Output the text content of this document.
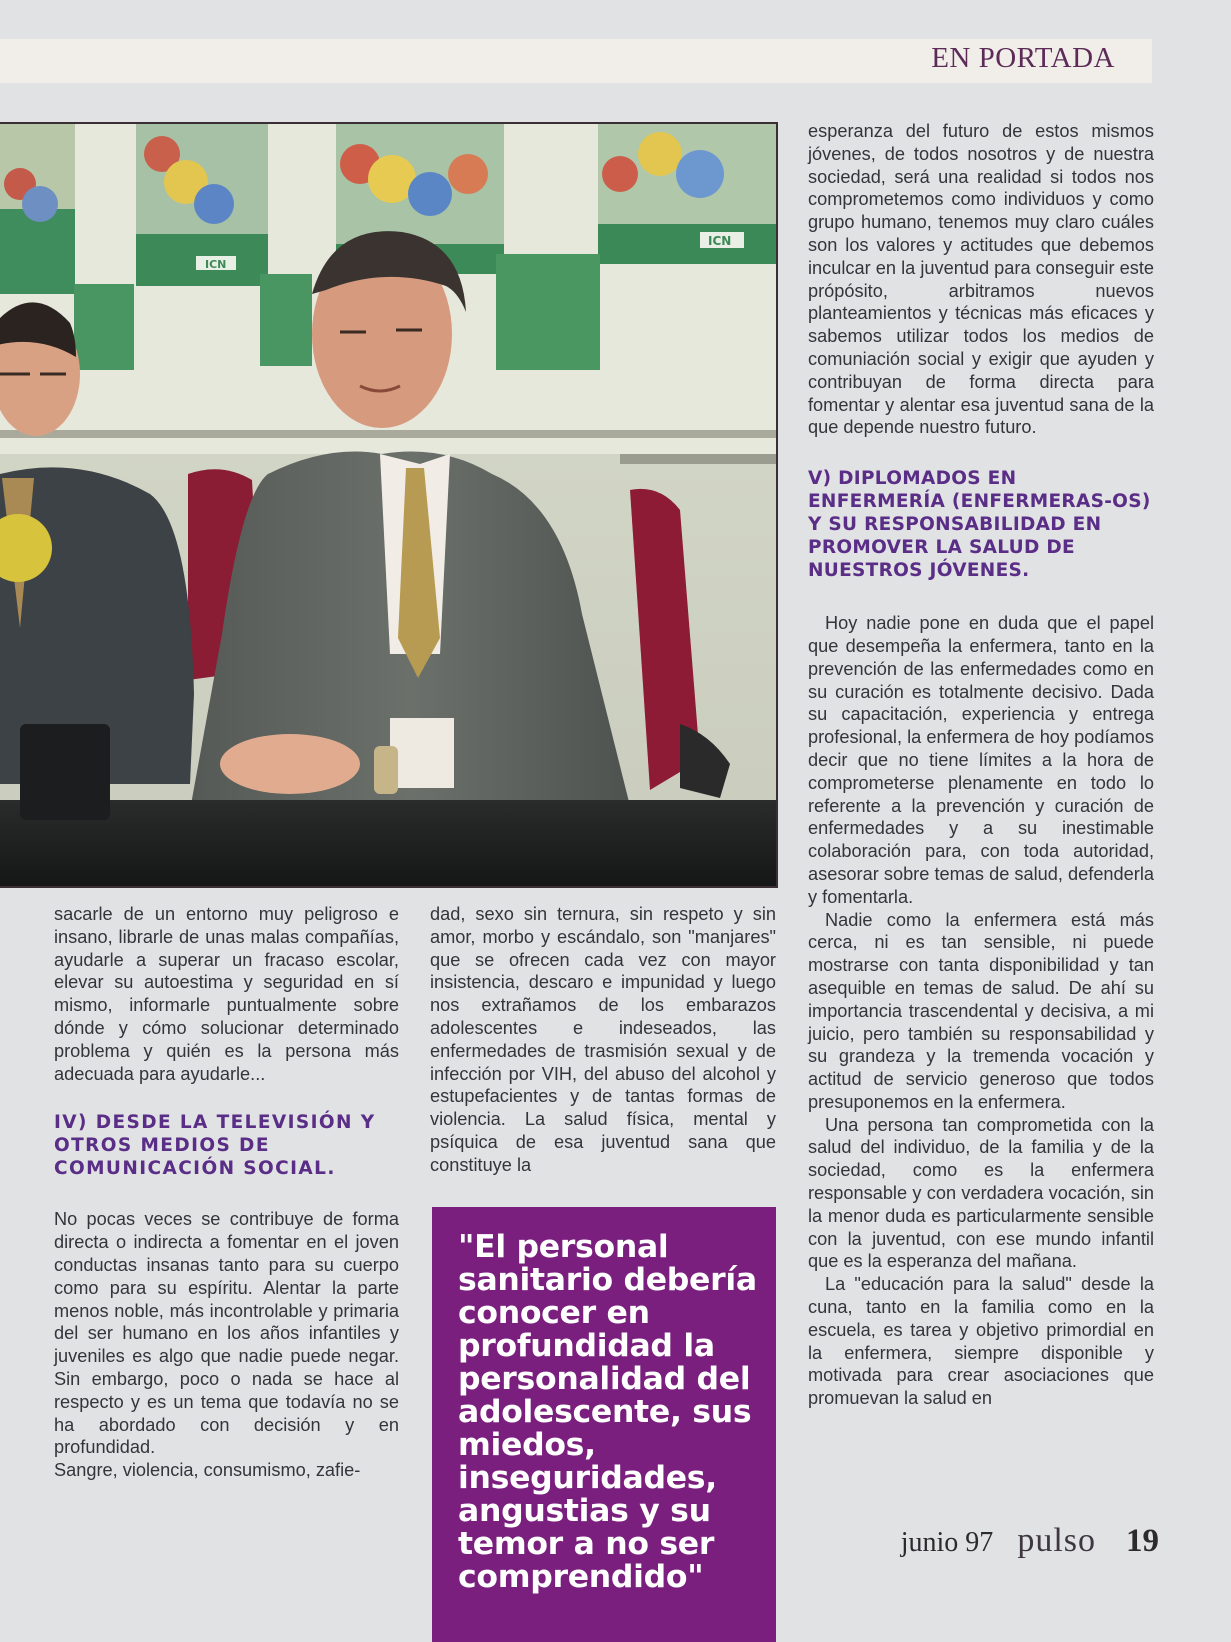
EN PORTADA
ICN
ICN

sacarle de un entorno muy peligroso e insano, librarle de unas malas compañías, ayudarle a superar un fracaso escolar, elevar su autoestima y seguridad en sí mismo, informarle puntualmente sobre dónde y cómo solucionar determinado problema y quién es la persona más adecuada para ayudarle...

IV) DESDE LA TELEVISIÓN Y OTROS MEDIOS DE COMUNICACIÓN SOCIAL.

No pocas veces se contribuye de forma directa o indirecta a fomentar en el joven conductas insanas tanto para su cuerpo como para su espíritu. Alentar la parte menos noble, más incontrolable y primaria del ser humano en los años infantiles y juveniles es algo que nadie puede negar. Sin embargo, poco o nada se hace al respecto y es un tema que todavía no se ha abordado con decisión y en profundidad.

Sangre, violencia, consumismo, zafie-

dad, sexo sin ternura, sin respeto y sin amor, morbo y escándalo, son "manjares" que se ofrecen cada vez con mayor insistencia, descaro e impunidad y luego nos extrañamos de los embarazos adolescentes e indeseados, las enfermedades de trasmisión sexual y de infección por VIH, del abuso del alcohol y estupefacientes y de tantas formas de violencia. La salud física, mental y psíquica de esa juventud sana que constituye la

"El personal sanitario debería conocer en profundidad la personalidad del adolescente, sus miedos, inseguridades, angustias y su temor a no ser comprendido"

esperanza del futuro de estos mismos jóvenes, de todos nosotros y de nuestra sociedad, será una realidad si todos nos comprometemos como individuos y como grupo humano, tenemos muy claro cuáles son los valores y actitudes que debemos inculcar en la juventud para conseguir este própósito, arbitramos nuevos planteamientos y técnicas más eficaces y sabemos utilizar todos los medios de comuniación social y exigir que ayuden y contribuyan de forma directa para fomentar y alentar esa juventud sana de la que depende nuestro futuro.

V) DIPLOMADOS EN ENFERMERÍA (ENFERMERAS-OS) Y SU RESPONSABILIDAD EN PROMOVER LA SALUD DE NUESTROS JÓVENES.

Hoy nadie pone en duda que el papel que desempeña la enfermera, tanto en la prevención de las enfermedades como en su curación es totalmente decisivo. Dada su capacitación, experiencia y entrega profesional, la enfermera de hoy podíamos decir que no tiene límites a la hora de comprometerse plenamente en todo lo referente a la prevención y curación de enfermedades y a su inestimable colaboración para, con toda autoridad, asesorar sobre temas de salud, defenderla y fomentarla.

Nadie como la enfermera está más cerca, ni es tan sensible, ni puede mostrarse con tanta disponibilidad y tan asequible en temas de salud. De ahí su importancia trascendental y decisiva, a mi juicio, pero también su responsabilidad y su grandeza y la tremenda vocación y actitud de servicio generoso que todos presuponemos en la enfermera.

Una persona tan comprometida con la salud del individuo, de la familia y de la sociedad, como es la enfermera responsable y con verdadera vocación, sin la menor duda es particularmente sensible con la juventud, con ese mundo infantil que es la esperanza del mañana.

La "educación para la salud" desde la cuna, tanto en la familia como en la escuela, es tarea y objetivo primordial en la enfermera, siempre disponible y motivada para crear asociaciones que promuevan la salud en

junio 97 pulso 19
